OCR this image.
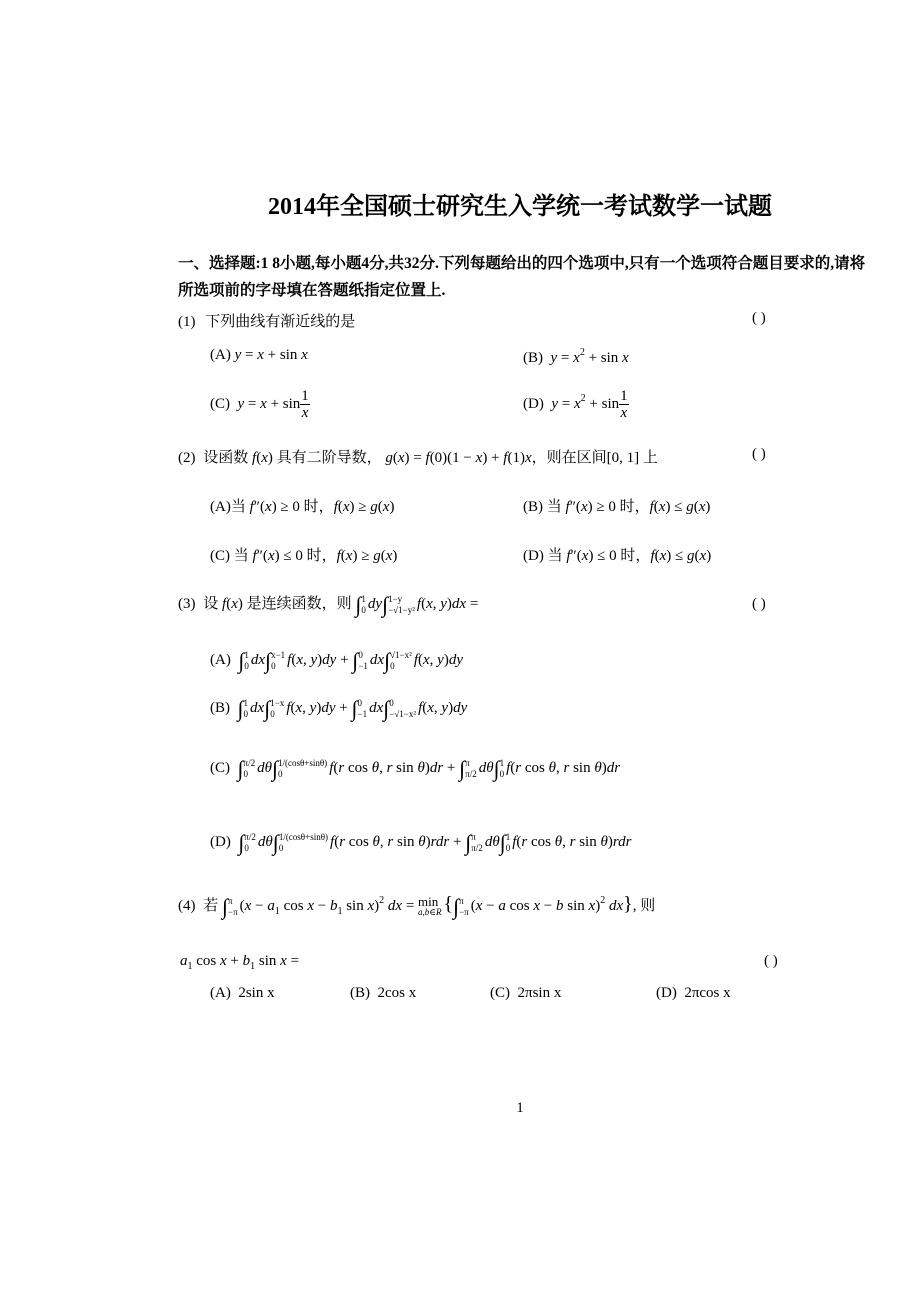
2014年全国硕士研究生入学统一考试数学一试题
一、选择题:1 8小题,每小题4分,共32分.下列每题给出的四个选项中,只有一个选项符合题目要求的,请将所选项前的字母填在答题纸指定位置上.
(1) 下列曲线有渐近线的是	( )
(A) y = x + sin x	(B) $y = x^2 + \sin x$
(C) $y = x + \sin \frac{1}{x}$	(D) $y = x^2 + \sin \frac{1}{x}$
(2) 设函数 f(x) 具有二阶导数， g(x) = f(0)(1 − x) + f(1)x，则在区间[0, 1] 上	( )
(A)当 f″(x) ≥ 0 时，f(x) ≥ g(x)	(B) 当 f″(x) ≥ 0 时，f(x) ≤ g(x)
(C) 当 f″(x) ≤ 0 时，f(x) ≥ g(x)	(D) 当 f″(x) ≤ 0 时，f(x) ≤ g(x)
(3) 设 f(x) 是连续函数，则 ∫ 1
0 dy∫ 1−y
−√1−y² f(x, y)dx =	( )
(A) ∫ 1
0 dx∫ x−1
0 f(x, y)dy + ∫ 0
−1 dx∫ √1−x²
0	f(x, y)dy
(B) ∫ 1
0 dx∫ 1−x
0 f(x, y)dy + ∫ 0
−1 dx∫ 0
−√1−x² f(x, y)dy
(C) ∫ π/2
0 dθ∫ 1/(cosθ+sinθ)
0	f(r cos θ, r sin θ)dr + ∫ π
π/2 dθ∫ 1
0 f(r cos θ, r sin θ)dr
(D) ∫ π/2
0 dθ∫ 1/(cosθ+sinθ)
0	f(r cos θ, r sin θ)rdr + ∫ π
π/2 dθ∫ 1
0 f(r cos θ, r sin θ)rdr
(4) 若 ∫ π
−π ($x - a_1$ $\cos x - b_1$ sin x)$^2$ dx = min
a,b∈R {∫ π
−π (x − a cos x − b sin x)$^2$ dx}, 则
$a_1$ $\cos x + b_1$ sin x =	( )
(A) 2sin x	(B) 2cos x	(C) 2πsin x	(D) 2πcos x
1
